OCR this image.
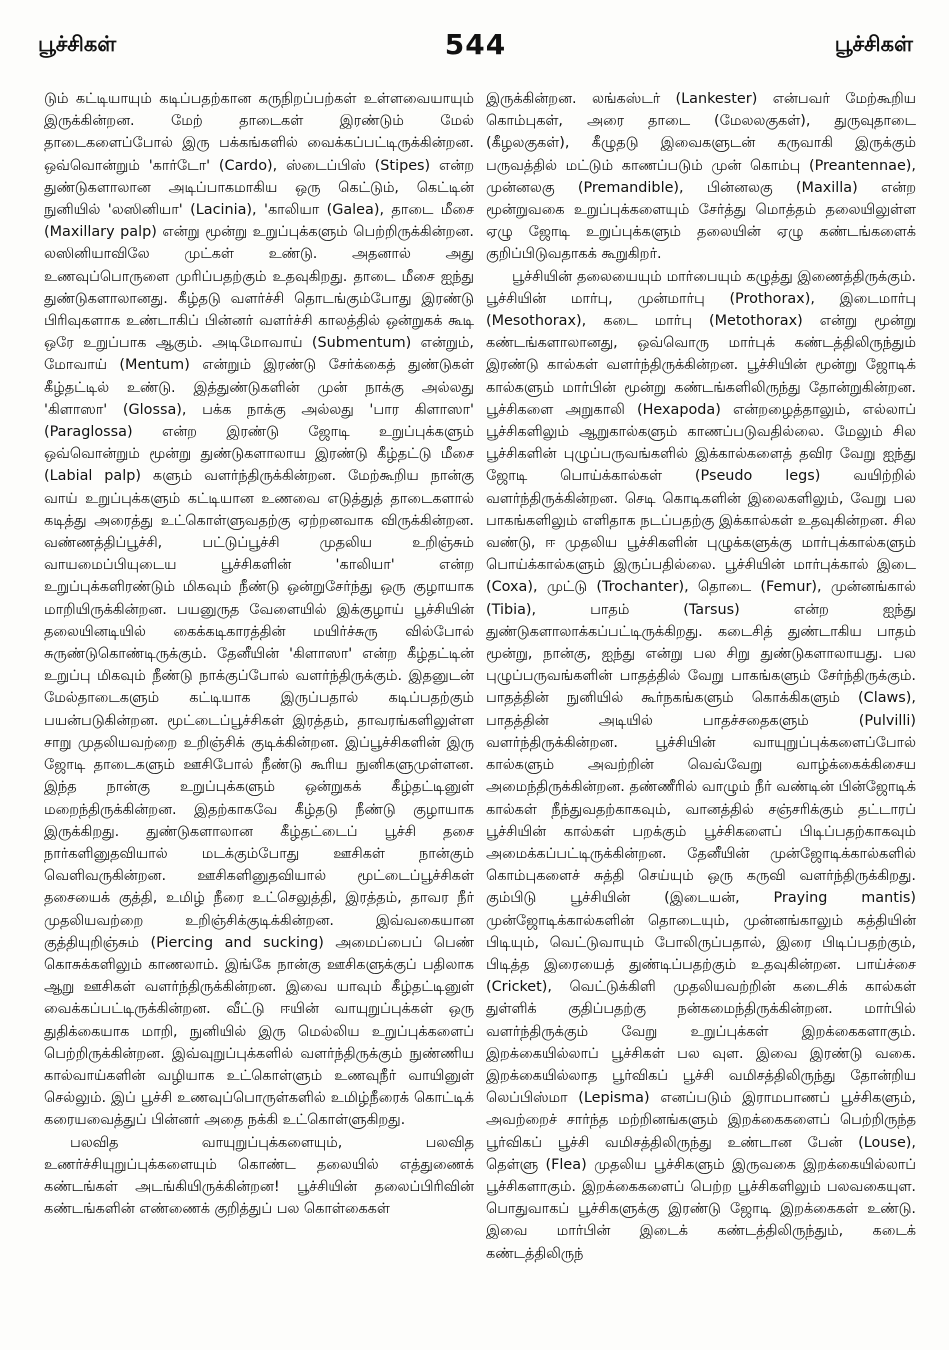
பூச்சிகள்	544	பூச்சிகள்

டும் கட்டியாயும் கடிப்பதற்கான கருநிறப்பற்கள் உள்ளவையாயும் இருக்கின்றன. மேற் தாடைகள் இரண்டும் மேல் தாடைகளைப்போல் இரு பக்கங்களில் வைக்கப்பட்டிருக்கின்றன. ஒவ்வொன்றும் 'கார்டோ' (Cardo), ஸ்டைப்பிஸ் (Stipes) என்ற துண்டுகளாலான அடிப்பாகமாகிய ஒரு கெட்டும், கெட்டின் நுனியில் 'லஸினியா' (Lacinia), 'காலியா (Galea), தாடை மீசை (Maxillary palp) என்று மூன்று உறுப்புக்களும் பெற்றிருக்கின்றன. லஸினியாவிலே முட்கள் உண்டு. அதனால் அது உணவுப்பொருளை முரிப்பதற்கும் உதவுகிறது. தாடை மீசை ஐந்து துண்டுகளாலானது. கீழ்தடு வளர்ச்சி தொடங்கும்போது இரண்டு பிரிவுகளாக உண்டாகிப் பின்னர் வளர்ச்சி காலத்தில் ஒன்றுகக் கூடி ஒரே உறுப்பாக ஆகும். அடிமோவாய் (Submentum) என்றும், மோவாய் (Mentum) என்றும் இரண்டு சேர்க்கைத் துண்டுகள் கீழ்தட்டில் உண்டு. இத்துண்டுகளின் முன் நாக்கு அல்லது 'கிளாஸா' (Glossa), பக்க நாக்கு அல்லது 'பார கிளாஸா' (Paraglossa) என்ற இரண்டு ஜோடி உறுப்புக்களும் ஒவ்வொன்றும் மூன்று துண்டுகளாலாய இரண்டு கீழ்தட்டு மீசை (Labial palp) களும் வளர்ந்திருக்கின்றன. மேற்கூறிய நான்கு வாய் உறுப்புக்களும் கட்டியான உணவை எடுத்துத் தாடைகளால் கடித்து அரைத்து உட்கொள்ளுவதற்கு ஏற்றனவாக விருக்கின்றன. வண்ணத்திப்பூச்சி, பட்டுப்பூச்சி முதலிய உறிஞ்சும் வாயமைப்பியுடைய பூச்சிகளின் 'காலியா' என்ற உறுப்புக்களிரண்டும் மிகவும் நீண்டு ஒன்றுசேர்ந்து ஒரு குழாயாக மாறியிருக்கின்றன. பயனுருத வேளையில் இக்குழாய் பூச்சியின் தலையினடியில் கைக்கடிகாரத்தின் மயிர்ச்சுரு வில்போல் சுருண்டுகொண்டிருக்கும். தேனீயின் 'கிளாஸா' என்ற கீழ்தட்டின் உறுப்பு மிகவும் நீண்டு நாக்குப்போல் வளர்ந்திருக்கும். இதனுடன் மேல்தாடைகளும் கட்டியாக இருப்பதால் கடிப்பதற்கும் பயன்படுகின்றன. மூட்டைப்பூச்சிகள் இரத்தம், தாவரங்களிலுள்ள சாறு முதலியவற்றை உறிஞ்சிக் குடிக்கின்றன. இப்பூச்சிகளின் இரு ஜோடி தாடைகளும் ஊசிபோல் நீண்டு கூரிய நுனிகளுமுள்ளன. இந்த நான்கு உறுப்புக்களும் ஒன்றுகக் கீழ்தட்டினுள் மறைந்திருக்கின்றன. இதற்காகவே கீழ்தடு நீண்டு குழாயாக இருக்கிறது. துண்டுகளாலான கீழ்தட்டைப் பூச்சி தசை நார்களினுதவியால் மடக்கும்போது ஊசிகள் நான்கும் வெளிவருகின்றன. ஊசிகளினுதவியால் மூட்டைப்பூச்சிகள் தசையைக் குத்தி, உமிழ் நீரை உட்செலுத்தி, இரத்தம், தாவர நீர் முதலியவற்றை உறிஞ்சிக்குடிக்கின்றன. இவ்வகையான குத்தியுறிஞ்சும் (Piercing and sucking) அமைப்பைப் பெண் கொசுக்களிலும் காணலாம். இங்கே நான்கு ஊசிகளுக்குப் பதிலாக ஆறு ஊசிகள் வளர்ந்திருக்கின்றன. இவை யாவும் கீழ்தட்டினுள் வைக்கப்பட்டிருக்கின்றன. வீட்டு ஈயின் வாயுறுப்புக்கள் ஒரு துதிக்கையாக மாறி, நுனியில் இரு மெல்லிய உறுப்புக்களைப் பெற்றிருக்கின்றன. இவ்வுறுப்புக்களில் வளர்ந்திருக்கும் நுண்ணிய கால்வாய்களின் வழியாக உட்கொள்ளும் உணவுநீர் வாயினுள் செல்லும். இப் பூச்சி உணவுப்பொருள்களில் உமிழ்நீரைக் கொட்டிக் கரையவைத்துப் பின்னர் அதை நக்கி உட்கொள்ளுகிறது.

பலவித வாயுறுப்புக்களையும், பலவித உணர்ச்சியுறுப்புக்களையும் கொண்ட தலையில் எத்துணைக் கண்டங்கள் அடங்கியிருக்கின்றன! பூச்சியின் தலைப்பிரிவின் கண்டங்களின் எண்ணைக் குறித்துப் பல கொள்கைகள்

இருக்கின்றன. லங்கஸ்டர் (Lankester) என்பவர் மேற்கூறிய கொம்புகள், அரை தாடை (மேலலகுகள்), துருவுதாடை (கீழலகுகள்), கீழுதடு இவைகளுடன் கருவாகி இருக்கும் பருவத்தில் மட்டும் காணப்படும் முன் கொம்பு (Preantennae), முன்னலகு (Premandible), பின்னலகு (Maxilla) என்ற மூன்றுவகை உறுப்புக்களையும் சேர்த்து மொத்தம் தலையிலுள்ள ஏழு ஜோடி உறுப்புக்களும் தலையின் ஏழு கண்டங்களைக் குறிப்பிடுவதாகக் கூறுகிறர்.

பூச்சியின் தலையையும் மார்பையும் கழுத்து இணைத்திருக்கும். பூச்சியின் மார்பு, முன்மார்பு (Prothorax), இடைமார்பு (Mesothorax), கடை மார்பு (Metothorax) என்று மூன்று கண்டங்களாலானது, ஒவ்வொரு மார்புக் கண்டத்திலிருந்தும் இரண்டு கால்கள் வளர்ந்திருக்கின்றன. பூச்சியின் மூன்று ஜோடிக் கால்களும் மார்பின் மூன்று கண்டங்களிலிருந்து தோன்றுகின்றன. பூச்சிகளை அறுகாலி (Hexapoda) என்றழைத்தாலும், எல்லாப் பூச்சிகளிலும் ஆறுகால்களும் காணப்படுவதில்லை. மேலும் சில பூச்சிகளின் புழுப்பருவங்களில் இக்கால்களைத் தவிர வேறு ஐந்து ஜோடி பொய்க்கால்கள் (Pseudo legs) வயிற்றில் வளர்ந்திருக்கின்றன. செடி கொடிகளின் இலைகளிலும், வேறு பல பாகங்களிலும் எளிதாக நடப்பதற்கு இக்கால்கள் உதவுகின்றன. சில வண்டு, ஈ முதலிய பூச்சிகளின் புழுக்களுக்கு மார்புக்கால்களும் பொய்க்கால்களும் இருப்பதில்லை. பூச்சியின் மார்புக்கால் இடை (Coxa), முட்டு (Trochanter), தொடை (Femur), முன்னங்கால் (Tibia), பாதம் (Tarsus) என்ற ஐந்து துண்டுகளாலாக்கப்பட்டிருக்கிறது. கடைசித் துண்டாகிய பாதம் மூன்று, நான்கு, ஐந்து என்று பல சிறு துண்டுகளாலாயது. பல புழுப்பருவங்களின் பாதத்தில் வேறு பாகங்களும் சேர்ந்திருக்கும். பாதத்தின் நுனியில் கூர்நகங்களும் கொக்கிகளும் (Claws), பாதத்தின் அடியில் பாதச்சதைகளும் (Pulvilli) வளர்ந்திருக்கின்றன. பூச்சியின் வாயுறுப்புக்களைப்போல் கால்களும் அவற்றின் வெவ்வேறு வாழ்க்கைக்கிசைய அமைந்திருக்கின்றன. தண்ணீரில் வாழும் நீர் வண்டின் பின்ஜோடிக் கால்கள் நீந்துவதற்காகவும், வானத்தில் சஞ்சரிக்கும் தட்டாரப் பூச்சியின் கால்கள் பறக்கும் பூச்சிகளைப் பிடிப்பதற்காகவும் அமைக்கப்பட்டிருக்கின்றன. தேனீயின் முன்ஜோடிக்கால்களில் கொம்புகளைச் சுத்தி செய்யும் ஒரு கருவி வளர்ந்திருக்கிறது. கும்பிடு பூச்சியின் (இடையன், Praying mantis) முன்ஜோடிக்கால்களின் தொடையும், முன்னங்காலும் கத்தியின் பிடியும், வெட்டுவாயும் போலிருப்பதால், இரை பிடிப்பதற்கும், பிடித்த இரையைத் துண்டிப்பதற்கும் உதவுகின்றன. பாய்ச்சை (Cricket), வெட்டுக்கிளி முதலியவற்றின் கடைசிக் கால்கள் துள்ளிக் குதிப்பதற்கு நன்கமைந்திருக்கின்றன. மார்பில் வளர்ந்திருக்கும் வேறு உறுப்புக்கள் இறக்கைகளாகும். இறக்கையில்லாப் பூச்சிகள் பல வுள. இவை இரண்டு வகை. இறக்கையில்லாத பூர்விகப் பூச்சி வமிசத்திலிருந்து தோன்றிய லெப்பிஸ்மா (Lepisma) எனப்படும் இராமபாணப் பூச்சிகளும், அவற்றைச் சார்ந்த மற்றினங்களும் இறக்கைகளைப் பெற்றிருந்த பூர்விகப் பூச்சி வமிசத்திலிருந்து உண்டான பேன் (Louse), தெள்ளு (Flea) முதலிய பூச்சிகளும் இருவகை இறக்கையில்லாப் பூச்சிகளாகும். இறக்கைகளைப் பெற்ற பூச்சிகளிலும் பலவகையுள. பொதுவாகப் பூச்சிகளுக்கு இரண்டு ஜோடி இறக்கைகள் உண்டு. இவை மார்பின் இடைக் கண்டத்திலிருந்தும், கடைக் கண்டத்திலிருந்
